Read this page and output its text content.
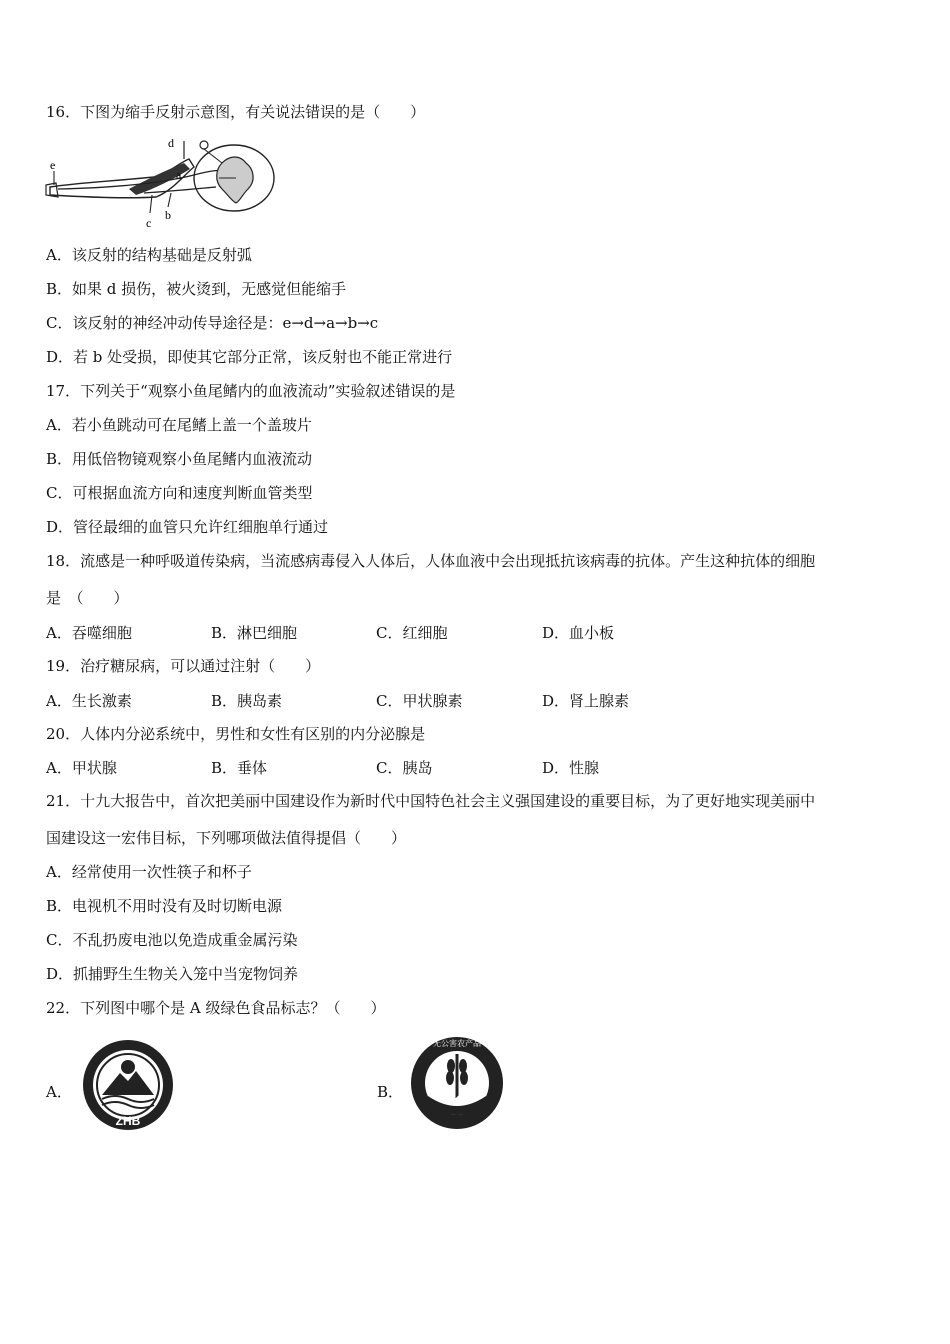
16．下图为缩手反射示意图，有关说法错误的是（　　）
a
b
c
d
e
A．该反射的结构基础是反射弧
B．如果 d 损伤，被火烫到，无感觉但能缩手
C．该反射的神经冲动传导途径是：e→d→a→b→c
D．若 b 处受损，即使其它部分正常，该反射也不能正常进行
17．下列关于“观察小鱼尾鳍内的血液流动”实验叙述错误的是
A．若小鱼跳动可在尾鳍上盖一个盖玻片
B．用低倍物镜观察小鱼尾鳍内血液流动
C．可根据血流方向和速度判断血管类型
D．管径最细的血管只允许红细胞单行通过
18．流感是一种呼吸道传染病，当流感病毒侵入人体后，人体血液中会出现抵抗该病毒的抗体。产生这种抗体的细胞
是　（　　）
A．吞噬细胞	B．淋巴细胞	C．红细胞	D．血小板
19．治疗糖尿病，可以通过注射（　　）
A．生长激素	B．胰岛素	C．甲状腺素	D．肾上腺素
20．人体内分泌系统中，男性和女性有区别的内分泌腺是
A．甲状腺	B．垂体	C．胰岛	D．性腺
21．十九大报告中，首次把美丽中国建设作为新时代中国特色社会主义强国建设的重要目标，为了更好地实现美丽中
国建设这一宏伟目标，下列哪项做法值得提倡（　　）
A．经常使用一次性筷子和杯子
B．电视机不用时没有及时切断电源
C．不乱扔废电池以免造成重金属污染
D．抓捕野生生物关入笼中当宠物饲养
22．下列图中哪个是 A 级绿色食品标志？（　　）
A．
ZHB
B．
无公害农产品
